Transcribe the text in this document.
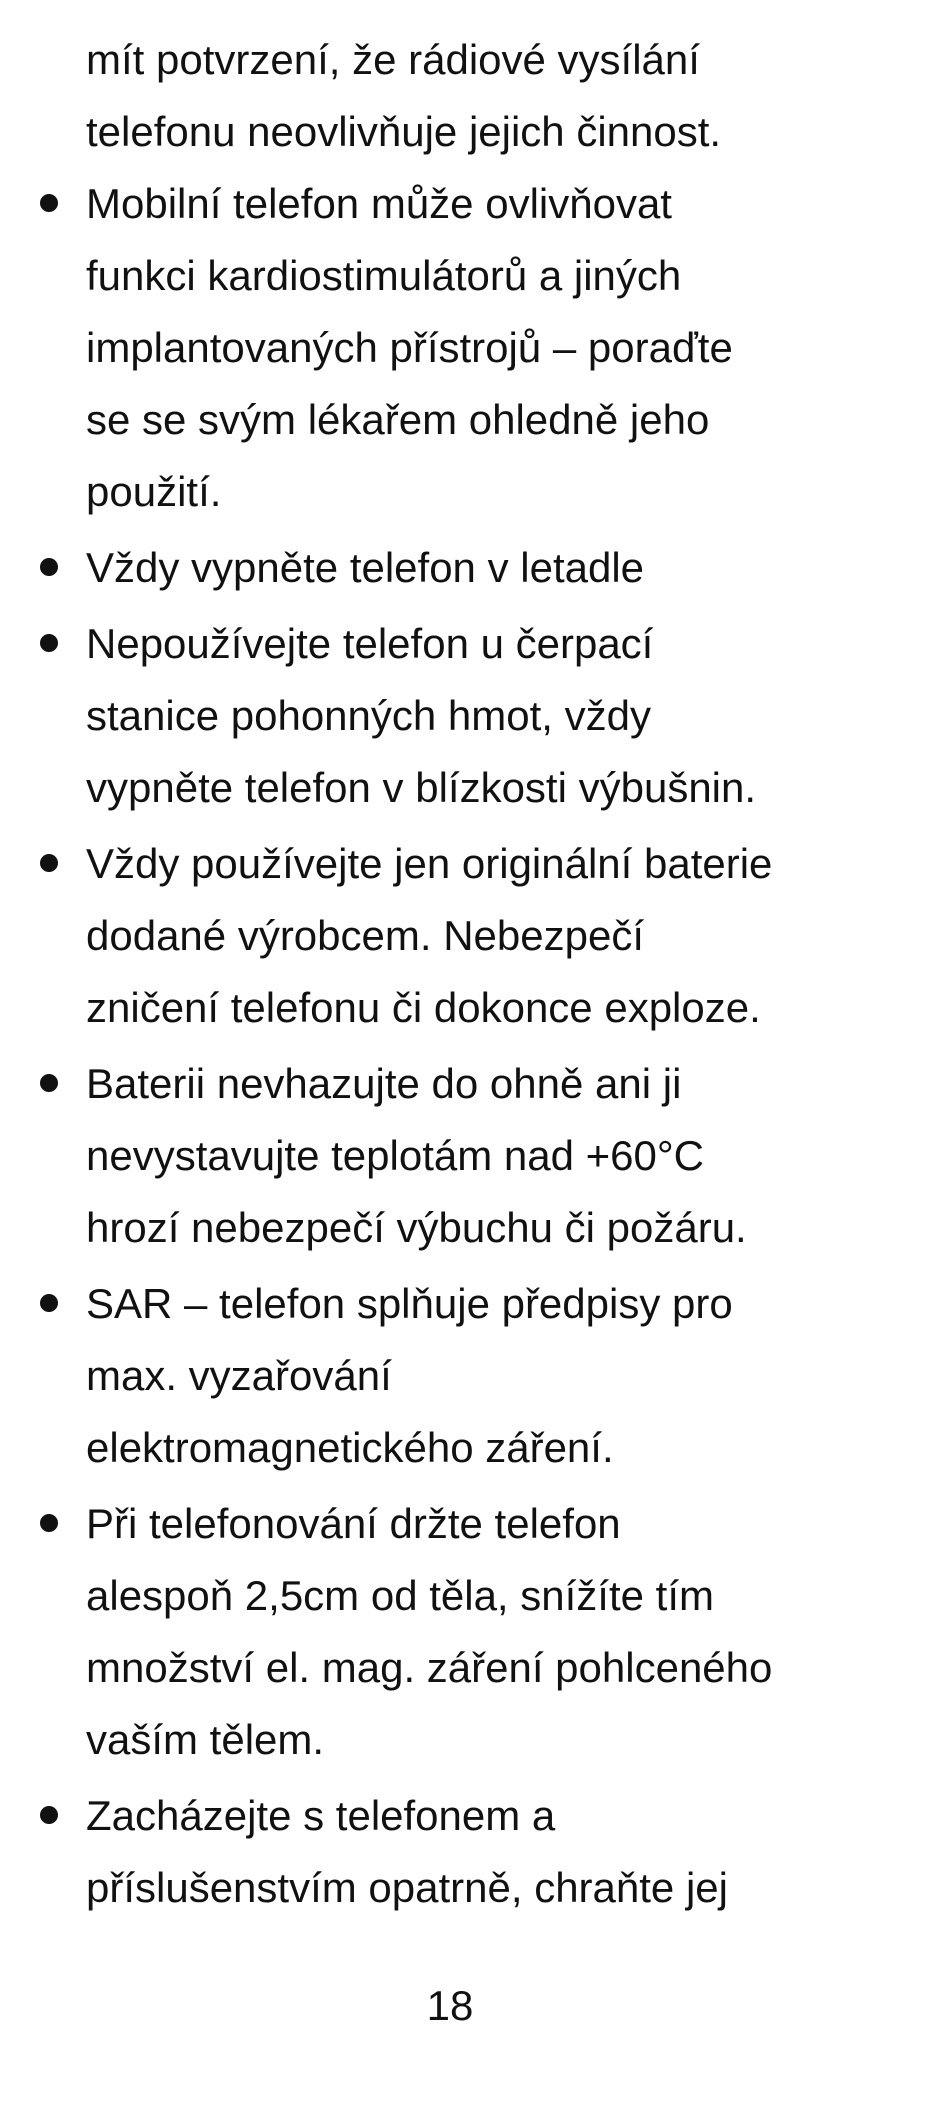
mít potvrzení, že rádiové vysílání
telefonu neovlivňuje jejich činnost.

Mobilní telefon může ovlivňovat
funkci kardiostimulátorů a jiných
implantovaných přístrojů – poraďte
se se svým lékařem ohledně jeho
použití.
Vždy vypněte telefon v letadle
Nepoužívejte telefon u čerpací
stanice pohonných hmot, vždy
vypněte telefon v blízkosti výbušnin.
Vždy používejte jen originální baterie
dodané výrobcem. Nebezpečí
zničení telefonu či dokonce exploze.
Baterii nevhazujte do ohně ani ji
nevystavujte teplotám nad +60°C
hrozí nebezpečí výbuchu či požáru.
SAR – telefon splňuje předpisy pro
max. vyzařování
elektromagnetického záření.
Při telefonování držte telefon
alespoň 2,5cm od těla, snížíte tím
množství el. mag. záření pohlceného
vaším tělem.
Zacházejte s telefonem a
příslušenstvím opatrně, chraňte jej
18
